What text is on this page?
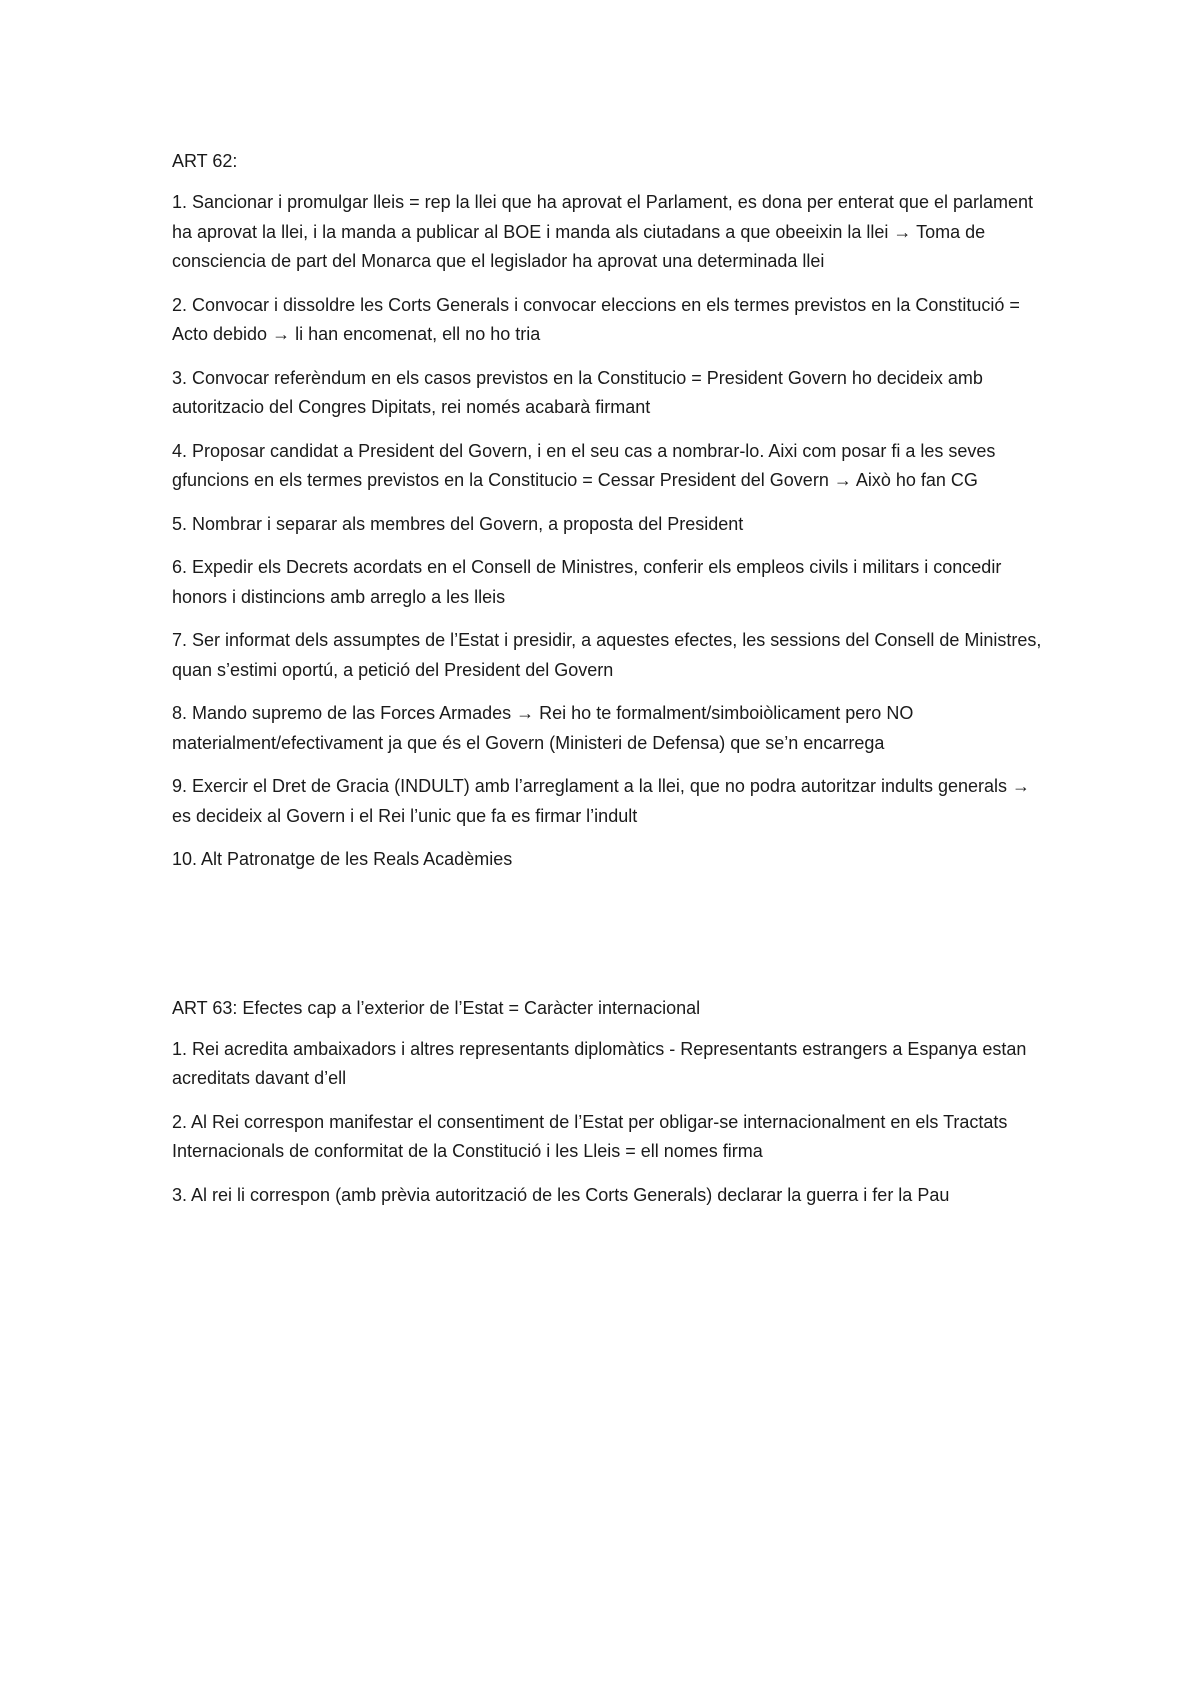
ART 62:
1. Sancionar i promulgar lleis = rep la llei que ha aprovat el Parlament, es dona per enterat que el parlament ha aprovat la llei, i la manda a publicar al BOE i manda als ciutadans a que obeeixin la llei → Toma de consciencia de part del Monarca que el legislador ha aprovat una determinada llei
2. Convocar i dissoldre les Corts Generals i convocar eleccions en els termes previstos en la Constitució = Acto debido → li han encomenat, ell no ho tria
3. Convocar referèndum en els casos previstos en la Constitucio = President Govern ho decideix amb autoritzacio del Congres Dipitats, rei només acabarà firmant
4. Proposar candidat a President del Govern, i en el seu cas a nombrar-lo. Aixi com posar fi a les seves gfuncions en els termes previstos en la Constitucio = Cessar President del Govern → Això ho fan CG
5. Nombrar i separar als membres del Govern, a proposta del President
6. Expedir els Decrets acordats en el Consell de Ministres, conferir els empleos civils i militars i concedir honors i distincions amb arreglo a les lleis
7. Ser informat dels assumptes de l’Estat i presidir, a aquestes efectes, les sessions del Consell de Ministres, quan s’estimi oportú, a petició del President del Govern
8. Mando supremo de las Forces Armades → Rei ho te formalment/simboiòlicament pero NO materialment/efectivament ja que és el Govern (Ministeri de Defensa) que se’n encarrega
9. Exercir el Dret de Gracia (INDULT) amb l’arreglament a la llei, que no podra autoritzar indults generals → es decideix al Govern i el Rei l’unic que fa es firmar l’indult
10. Alt Patronatge de les Reals Acadèmies
ART 63: Efectes cap a l’exterior de l’Estat = Caràcter internacional
1. Rei acredita ambaixadors i altres representants diplomàtics - Representants estrangers a Espanya estan acreditats davant d’ell
2. Al Rei correspon manifestar el consentiment de l’Estat per obligar-se internacionalment en els Tractats Internacionals de conformitat de la Constitució i les Lleis = ell nomes firma
3. Al rei li correspon (amb prèvia autorització de les Corts Generals) declarar la guerra i fer la Pau
